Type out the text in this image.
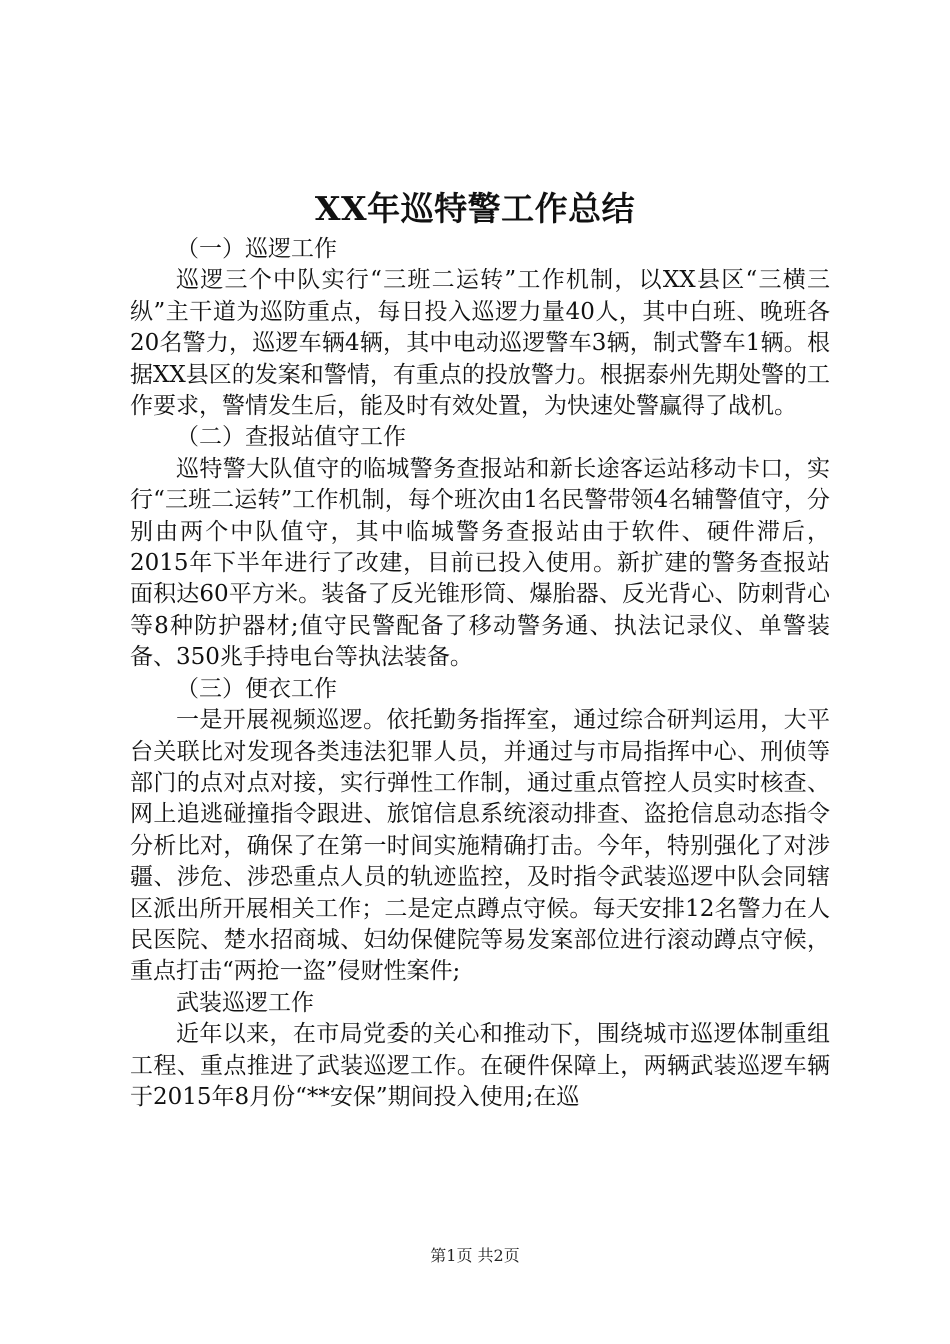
XX年巡特警工作总结

（一）巡逻工作

巡逻三个中队实行“三班二运转”工作机制，以XX县区“三横三纵”主干道为巡防重点，每日投入巡逻力量40人，其中白班、晚班各20名警力，巡逻车辆4辆，其中电动巡逻警车3辆，制式警车1辆。根据XX县区的发案和警情，有重点的投放警力。根据泰州先期处警的工作要求，警情发生后，能及时有效处置，为快速处警赢得了战机。

（二）查报站值守工作

巡特警大队值守的临城警务查报站和新长途客运站移动卡口，实行“三班二运转”工作机制，每个班次由1名民警带领4名辅警值守，分别由两个中队值守，其中临城警务查报站由于软件、硬件滞后，2015年下半年进行了改建，目前已投入使用。新扩建的警务查报站面积达60平方米。装备了反光锥形筒、爆胎器、反光背心、防刺背心等8种防护器材;值守民警配备了移动警务通、执法记录仪、单警装备、350兆手持电台等执法装备。

（三）便衣工作

一是开展视频巡逻。依托勤务指挥室，通过综合研判运用，大平台关联比对发现各类违法犯罪人员，并通过与市局指挥中心、刑侦等部门的点对点对接，实行弹性工作制，通过重点管控人员实时核查、网上追逃碰撞指令跟进、旅馆信息系统滚动排查、盗抢信息动态指令分析比对，确保了在第一时间实施精确打击。今年，特别强化了对涉疆、涉危、涉恐重点人员的轨迹监控，及时指令武装巡逻中队会同辖区派出所开展相关工作；二是定点蹲点守候。每天安排12名警力在人民医院、楚水招商城、妇幼保健院等易发案部位进行滚动蹲点守候，重点打击“两抢一盗”侵财性案件;

武装巡逻工作

近年以来，在市局党委的关心和推动下，围绕城市巡逻体制重组工程、重点推进了武装巡逻工作。在硬件保障上，两辆武装巡逻车辆于2015年8月份“**安保”期间投入使用;在巡

第1页 共2页
